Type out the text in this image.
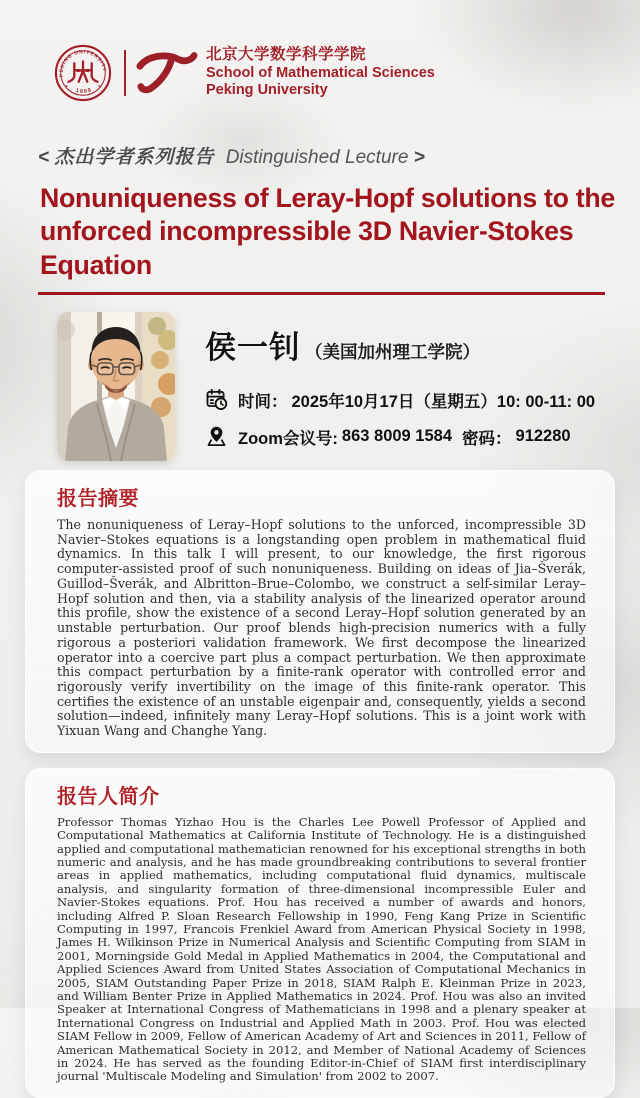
PEKING UNIVERSITY
1898
北京大学数学科学学院
School of Mathematical Sciences
Peking University
< 杰出学者系列报告 Distinguished Lecture >
Nonuniqueness of Leray-Hopf solutions to the
unforced incompressible 3D Navier-Stokes Equation
侯一钊 （美国加州理工学院）
时间： 2025年10月17日（星期五）10: 00-11: 00
Zoom会议号: 863 8009 1584 密码： 912280
报告摘要

The nonuniqueness of Leray–Hopf solutions to the unforced, incompressible 3D Navier–Stokes equations is a longstanding open problem in mathematical fluid dynamics. In this talk I will present, to our knowledge, the first rigorous computer-assisted proof of such nonuniqueness. Building on ideas of Jia–Šverák, Guillod–Šverák, and Albritton–Brue–Colombo, we construct a self-similar Leray–Hopf solution and then, via a stability analysis of the linearized operator around this profile, show the existence of a second Leray–Hopf solution generated by an unstable perturbation. Our proof blends high-precision numerics with a fully rigorous a posteriori validation framework. We first decompose the linearized operator into a coercive part plus a compact perturbation. We then approximate this compact perturbation by a finite-rank operator with controlled error and rigorously verify invertibility on the image of this finite-rank operator. This certifies the existence of an unstable eigenpair and, consequently, yields a second solution—indeed, infinitely many Leray–Hopf solutions. This is a joint work with Yixuan Wang and Changhe Yang.

报告人简介

Professor Thomas Yizhao Hou is the Charles Lee Powell Professor of Applied and Computational Mathematics at California Institute of Technology. He is a distinguished applied and computational mathematician renowned for his exceptional strengths in both numeric and analysis, and he has made groundbreaking contributions to several frontier areas in applied mathematics, including computational fluid dynamics, multiscale analysis, and singularity formation of three-dimensional incompressible Euler and Navier-Stokes equations. Prof. Hou has received a number of awards and honors, including Alfred P. Sloan Research Fellowship in 1990, Feng Kang Prize in Scientific Computing in 1997, Francois Frenkiel Award from American Physical Society in 1998, James H. Wilkinson Prize in Numerical Analysis and Scientific Computing from SIAM in 2001, Morningside Gold Medal in Applied Mathematics in 2004, the Computational and Applied Sciences Award from United States Association of Computational Mechanics in 2005, SIAM Outstanding Paper Prize in 2018, SIAM Ralph E. Kleinman Prize in 2023, and William Benter Prize in Applied Mathematics in 2024. Prof. Hou was also an invited Speaker at International Congress of Mathematicians in 1998 and a plenary speaker at International Congress on Industrial and Applied Math in 2003. Prof. Hou was elected SIAM Fellow in 2009, Fellow of American Academy of Art and Sciences in 2011, Fellow of American Mathematical Society in 2012, and Member of National Academy of Sciences in 2024. He has served as the founding Editor-in-Chief of SIAM first interdisciplinary journal 'Multiscale Modeling and Simulation' from 2002 to 2007.
